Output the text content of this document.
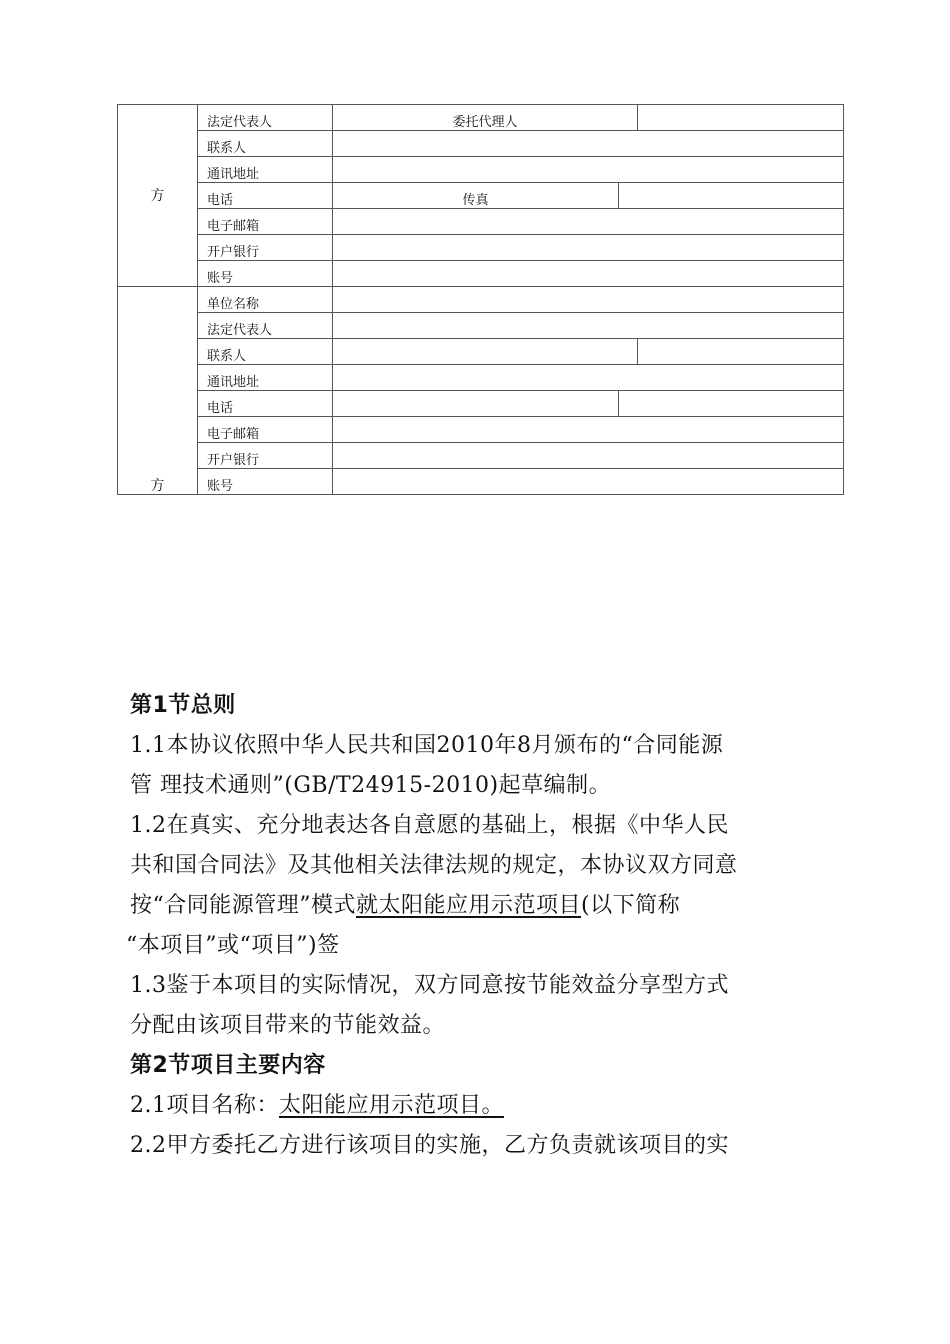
方	法定代表人	委托代理人		
	联系人			
	通讯地址			
	电话	传真		
	电子邮箱			
	开户银行			
	账号			
方	单位名称			
	法定代表人			
	联系人			
	通讯地址			
	电话			
	电子邮箱			
	开户银行			
	账号			

第1节总则

1.1本协议依照中华人民共和国2010年8月颁布的“合同能源

管 理技术通则”(GB/T24915-2010)起草编制。

1.2在真实、充分地表达各自意愿的基础上，根据《中华人民

共和国合同法》及其他相关法律法规的规定，本协议双方同意

按“合同能源管理”模式就太阳能应用示范项目(以下简称

“本项目”或“项目”)签

1.3鉴于本项目的实际情况，双方同意按节能效益分享型方式

分配由该项目带来的节能效益。

第2节项目主要内容

2.1项目名称：太阳能应用示范项目。

2.2甲方委托乙方进行该项目的实施，乙方负责就该项目的实
